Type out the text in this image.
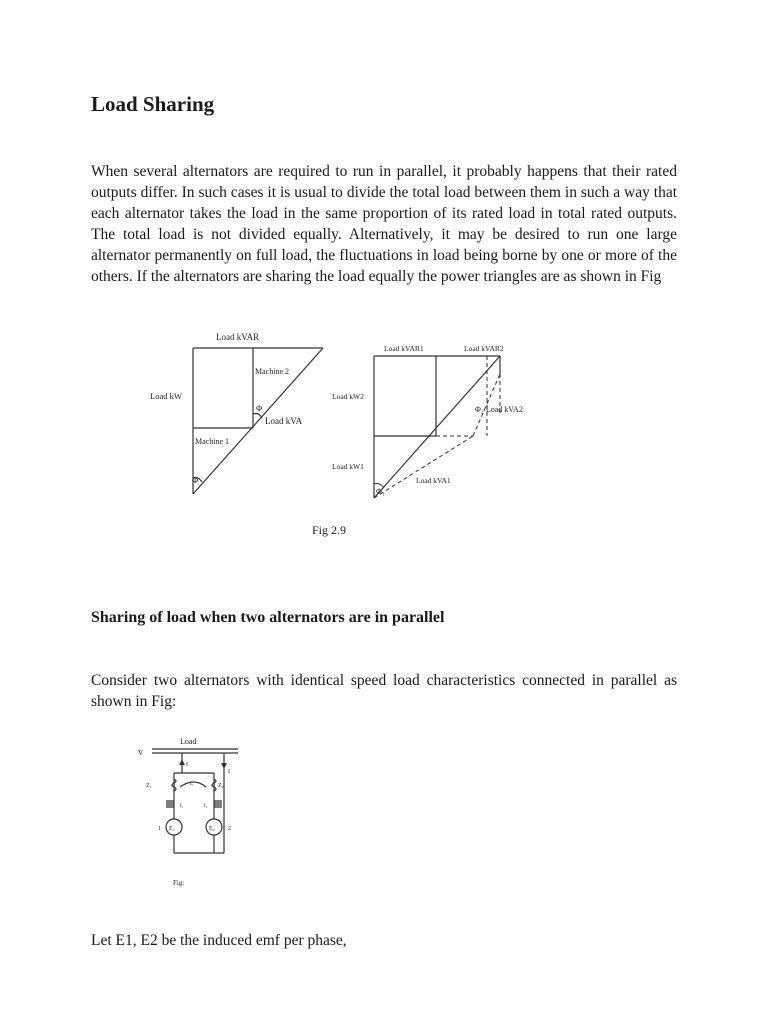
Load Sharing

When several alternators are required to run in parallel, it probably happens that their rated outputs differ. In such cases it is usual to divide the total load between them in such a way that each alternator takes the load in the same proportion of its rated load in total rated outputs. The total load is not divided equally. Alternatively, it may be desired to run one large alternator permanently on full load, the fluctuations in load being borne by one or more of the others. If the alternators are sharing the load equally the power triangles are as shown in Fig

Load kVAR
Load kW
Machine 2
Φ
Load kVA
Machine 1
Φ
Load kVAR1	Load kVAR2
Load kW2
Φ₂/Load kVA2
Load kW1
Φ₁
Load kVA1
Fig 2.9
Sharing of load when two alternators are in parallel

Consider two alternators with identical speed load characteristics connected in parallel as shown in Fig:

Load
V
I
I
Z₁	I꜀	Z₂
I₁	I₂
E₁	E₂
1	2
Fig:

Let E1, E2 be the induced emf per phase,
